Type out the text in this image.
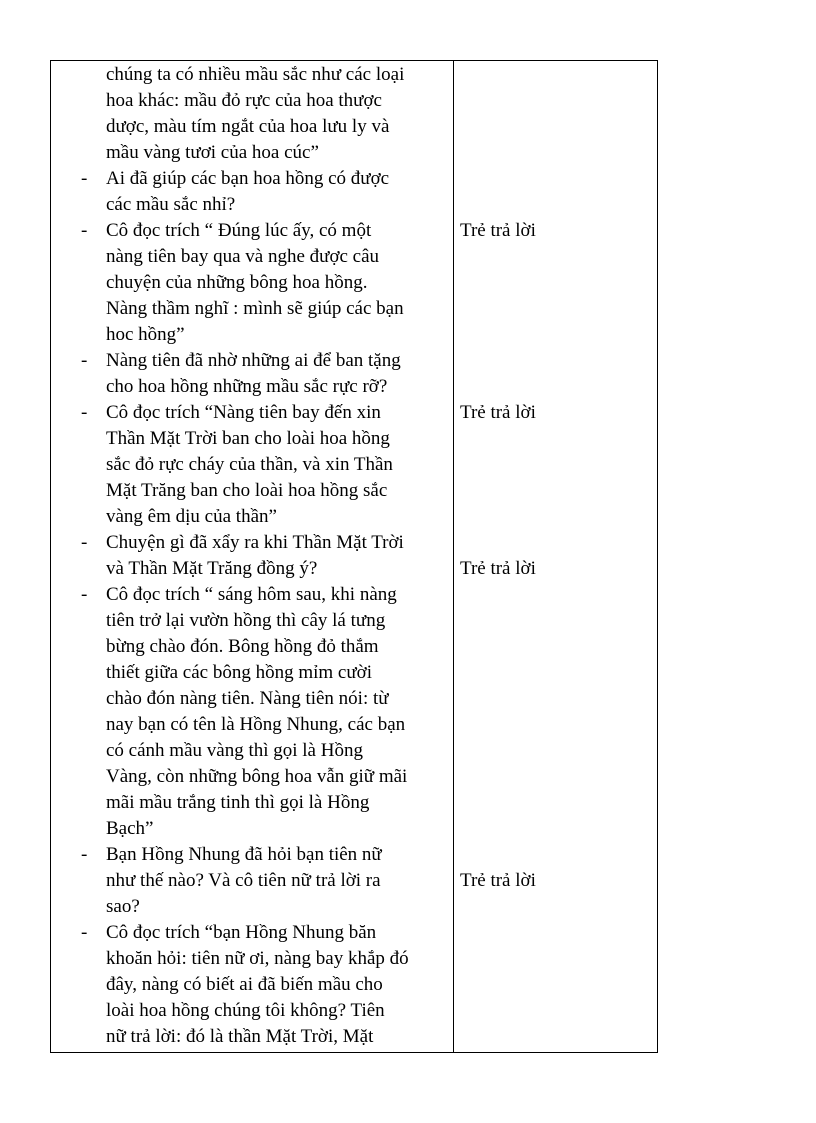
chúng ta có nhiều mầu sắc như các loại
hoa khác: mầu đỏ rực của hoa thược
dược, màu tím ngắt của hoa lưu ly và
mầu vàng tươi của hoa cúc”
- Ai đã giúp các bạn hoa hồng có được
các mầu sắc nhỉ?
- Cô đọc trích “ Đúng lúc ấy, có một
nàng tiên bay qua và nghe được câu
chuyện của những bông hoa hồng.
Nàng thầm nghĩ : mình sẽ giúp các bạn
hoc hồng”
- Nàng tiên đã nhờ những ai để ban tặng
cho hoa hồng những mầu sắc rực rỡ?
- Cô đọc trích “Nàng tiên bay đến xin
Thần Mặt Trời ban cho loài hoa hồng
sắc đỏ rực cháy của thần, và xin Thần
Mặt Trăng ban cho loài hoa hồng sắc
vàng êm dịu của thần”
- Chuyện gì đã xẩy ra khi Thần Mặt Trời
và Thần Mặt Trăng đồng ý?
- Cô đọc trích “ sáng hôm sau, khi nàng
tiên trở lại vườn hồng thì cây lá tưng
bừng chào đón. Bông hồng đỏ thắm
thiết giữa các bông hồng mỉm cười
chào đón nàng tiên. Nàng tiên nói: từ
nay bạn có tên là Hồng Nhung, các bạn
có cánh mầu vàng thì gọi là Hồng
Vàng, còn những bông hoa vẫn giữ mãi
mãi mầu trắng tinh thì gọi là Hồng
Bạch”
- Bạn Hồng Nhung đã hỏi bạn tiên nữ
như thế nào? Và cô tiên nữ trả lời ra
sao?
- Cô đọc trích “bạn Hồng Nhung băn
khoăn hỏi: tiên nữ ơi, nàng bay khắp đó
đây, nàng có biết ai đã biến mầu cho
loài hoa hồng chúng tôi không? Tiên
nữ trả lời: đó là thần Mặt Trời, Mặt
Trẻ trả lời
Trẻ trả lời
Trẻ trả lời
Trẻ trả lời
